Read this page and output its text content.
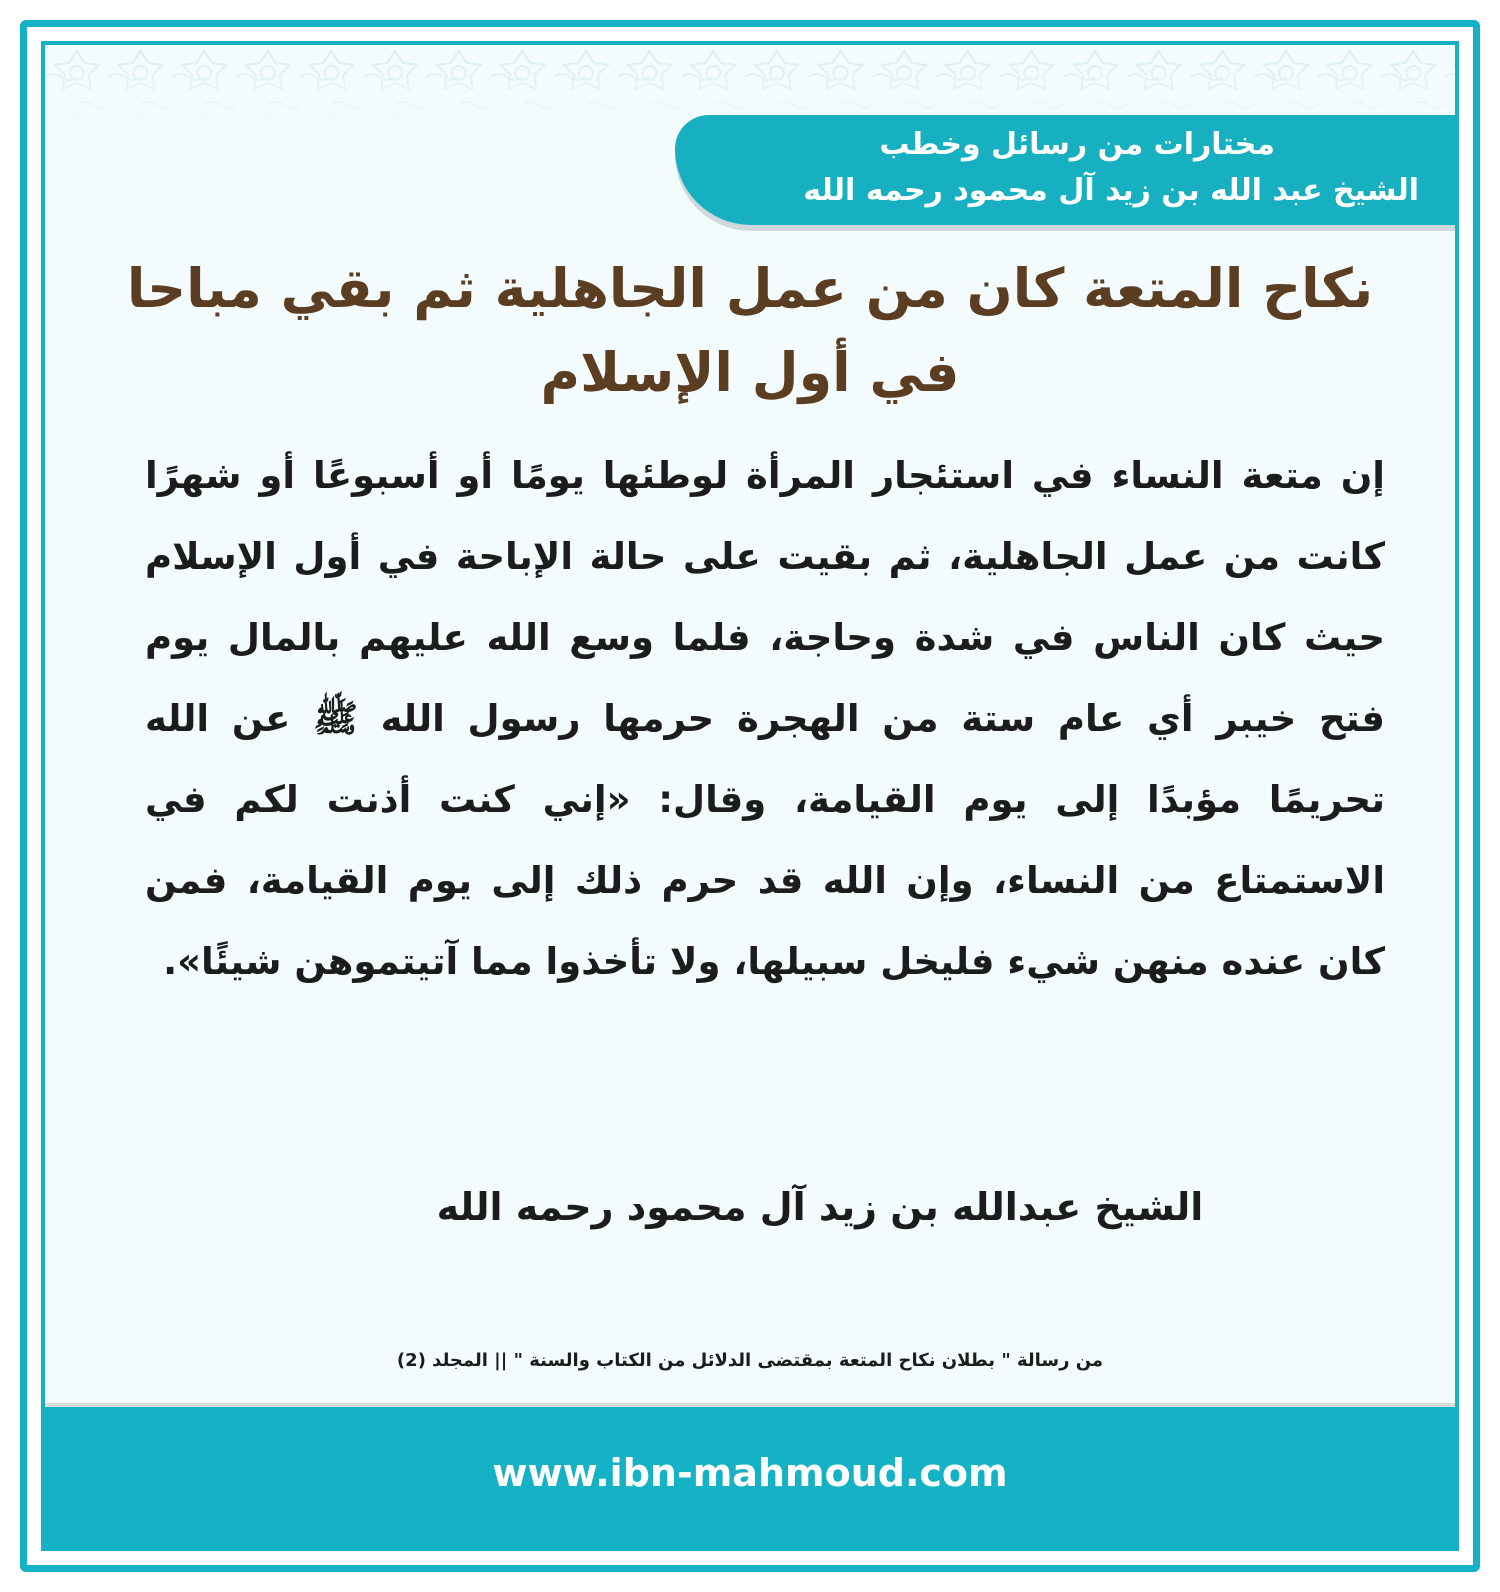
مختارات من رسائل وخطب

الشيخ عبد الله بن زيد آل محمود رحمه الله

نكاح المتعة كان من عمل الجاهلية ثم بقي مباحا في أول الإسلام

إن متعة النساء في استئجار المرأة لوطئها يومًا أو أسبوعًا أو شهرًا كانت من عمل الجاهلية، ثم بقيت على حالة الإباحة في أول الإسلام حيث كان الناس في شدة وحاجة، فلما وسع الله عليهم بالمال يوم فتح خيبر أي عام ستة من الهجرة حرمها رسول الله ﷺ عن الله تحريمًا مؤبدًا إلى يوم القيامة، وقال: «إني كنت أذنت لكم في الاستمتاع من النساء، وإن الله قد حرم ذلك إلى يوم القيامة، فمن كان عنده منهن شيء فليخل سبيلها، ولا تأخذوا مما آتيتموهن شيئًا».

الشيخ عبدالله بن زيد آل محمود رحمه الله

من رسالة " بطلان نكاح المتعة بمقتضى الدلائل من الكتاب والسنة " || المجلد (2)

www.ibn-mahmoud.com
